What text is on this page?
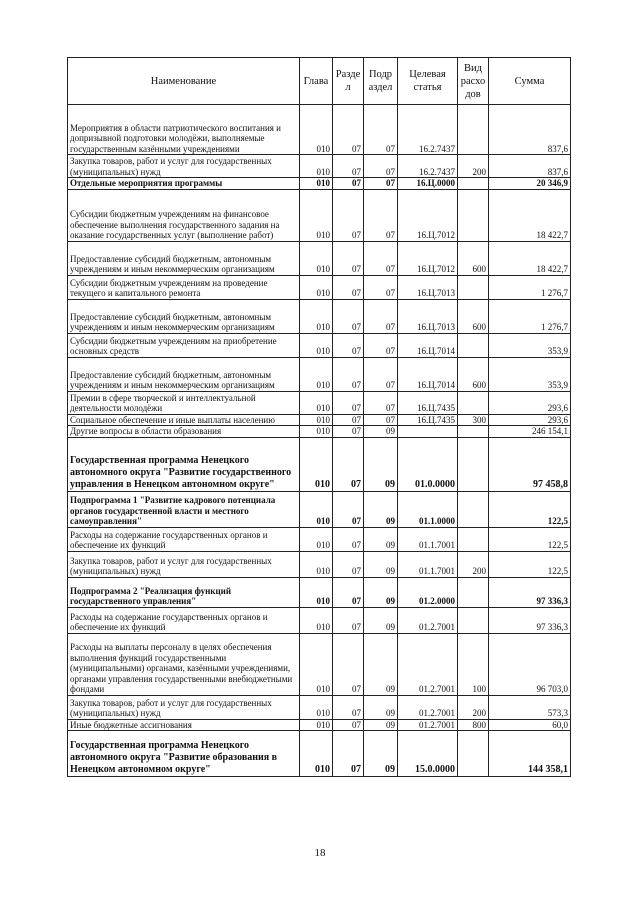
Наименование	Глава	Разде л	Подр аздел	Целевая статья	Вид расхо дов	Сумма
Мероприятия в области патриотического воспитания и допризывной подготовки молодёжи, выполняемые государственным казёнными учреждениями	010	07	07	16.2.7437		837,6
Закупка товаров, работ и услуг для государственных (муниципальных) нужд	010	07	07	16.2.7437	200	837,6
Отдельные мероприятия программы	010	07	07	16.Ц.0000		20 346,9
Субсидии бюджетным учреждениям на финансовое обеспечение выполнения государственного задания на оказание государственных услуг (выполнение работ)	010	07	07	16.Ц.7012		18 422,7
Предоставление субсидий бюджетным, автономным учреждениям и иным некоммерческим организациям	010	07	07	16.Ц.7012	600	18 422,7
Субсидии бюджетным учреждениям на проведение текущего и капитального ремонта	010	07	07	16.Ц.7013		1 276,7
Предоставление субсидий бюджетным, автономным учреждениям и иным некоммерческим организациям	010	07	07	16.Ц.7013	600	1 276,7
Субсидии бюджетным учреждениям на приобретение основных средств	010	07	07	16.Ц.7014		353,9
Предоставление субсидий бюджетным, автономным учреждениям и иным некоммерческим организациям	010	07	07	16.Ц.7014	600	353,9
Премии в сфере творческой и интеллектуальной деятельности молодёжи	010	07	07	16.Ц.7435		293,6
Социальное обеспечение и иные выплаты населению	010	07	07	16.Ц.7435	300	293,6
Другие вопросы в области образования	010	07	09			246 154,1
Государственная программа Ненецкого автономного округа "Развитие государственного управления в Ненецком автономном округе"	010	07	09	01.0.0000		97 458,8
Подпрограмма 1 "Развитие кадрового потенциала органов государственной власти и местного самоуправления"	010	07	09	01.1.0000		122,5
Расходы на содержание государственных органов и обеспечение их функций	010	07	09	01.1.7001		122,5
Закупка товаров, работ и услуг для государственных (муниципальных) нужд	010	07	09	01.1.7001	200	122,5
Подпрограмма 2 "Реализация функций государственного управления"	010	07	09	01.2.0000		97 336,3
Расходы на содержание государственных органов и обеспечение их функций	010	07	09	01.2.7001		97 336,3
Расходы на выплаты персоналу в целях обеспечения выполнения функций государственными (муниципальными) органами, казёнными учреждениями, органами управления государственными внебюджетными фондами	010	07	09	01.2.7001	100	96 703,0
Закупка товаров, работ и услуг для государственных (муниципальных) нужд	010	07	09	01.2.7001	200	573,3
Иные бюджетные ассигнования	010	07	09	01.2.7001	800	60,0
Государственная программа Ненецкого автономного округа "Развитие образования в Ненецком автономном округе"	010	07	09	15.0.0000		144 358,1
18
